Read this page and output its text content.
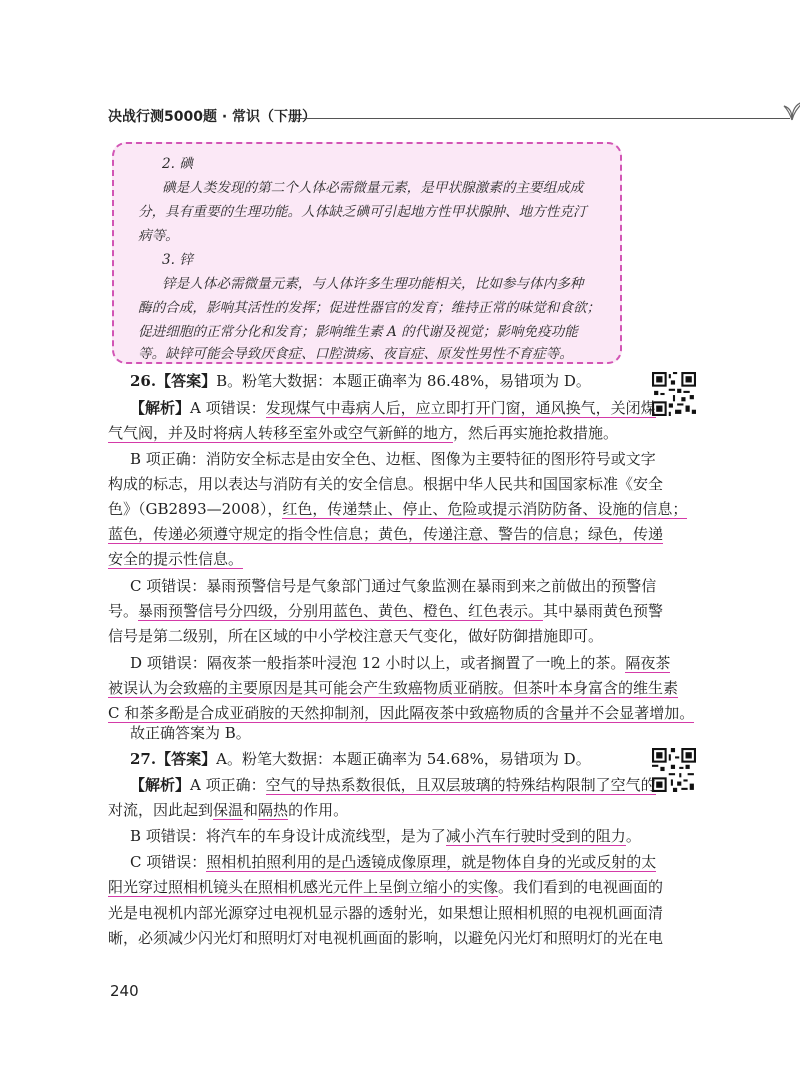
决战行测5000题 · 常识（下册）
2. 碘
碘是人类发现的第二个人体必需微量元素，是甲状腺激素的主要组成成
分，具有重要的生理功能。人体缺乏碘可引起地方性甲状腺肿、地方性克汀
病等。
3. 锌
锌是人体必需微量元素，与人体许多生理功能相关，比如参与体内多种
酶的合成，影响其活性的发挥；促进性器官的发育；维持正常的味觉和食欲；
促进细胞的正常分化和发育；影响维生素 A 的代谢及视觉；影响免疫功能
等。缺锌可能会导致厌食症、口腔溃疡、夜盲症、原发性男性不育症等。
26.【答案】B。粉笔大数据：本题正确率为 86.48%，易错项为 D。
【解析】A 项错误：发现煤气中毒病人后，应立即打开门窗，通风换气，关闭煤
气气阀，并及时将病人转移至室外或空气新鲜的地方，然后再实施抢救措施。
B 项正确：消防安全标志是由安全色、边框、图像为主要特征的图形符号或文字
构成的标志，用以表达与消防有关的安全信息。根据中华人民共和国国家标准《安全
色》（GB2893—2008），红色，传递禁止、停止、危险或提示消防防备、设施的信息；
蓝色，传递必须遵守规定的指令性信息；黄色，传递注意、警告的信息；绿色，传递
安全的提示性信息。
C 项错误：暴雨预警信号是气象部门通过气象监测在暴雨到来之前做出的预警信
号。暴雨预警信号分四级，分别用蓝色、黄色、橙色、红色表示。其中暴雨黄色预警
信号是第二级别，所在区域的中小学校注意天气变化，做好防御措施即可。
D 项错误：隔夜茶一般指茶叶浸泡 12 小时以上，或者搁置了一晚上的茶。隔夜茶
被误认为会致癌的主要原因是其可能会产生致癌物质亚硝胺。但茶叶本身富含的维生素
C 和茶多酚是合成亚硝胺的天然抑制剂，因此隔夜茶中致癌物质的含量并不会显著增加。
故正确答案为 B。
27.【答案】A。粉笔大数据：本题正确率为 54.68%，易错项为 D。
【解析】A 项正确：空气的导热系数很低，且双层玻璃的特殊结构限制了空气的
对流，因此起到保温和隔热的作用。
B 项错误：将汽车的车身设计成流线型，是为了减小汽车行驶时受到的阻力。
C 项错误：照相机拍照利用的是凸透镜成像原理，就是物体自身的光或反射的太
阳光穿过照相机镜头在照相机感光元件上呈倒立缩小的实像。我们看到的电视画面的
光是电视机内部光源穿过电视机显示器的透射光，如果想让照相机照的电视机画面清
晰，必须减少闪光灯和照明灯对电视机画面的影响，以避免闪光灯和照明灯的光在电
240
